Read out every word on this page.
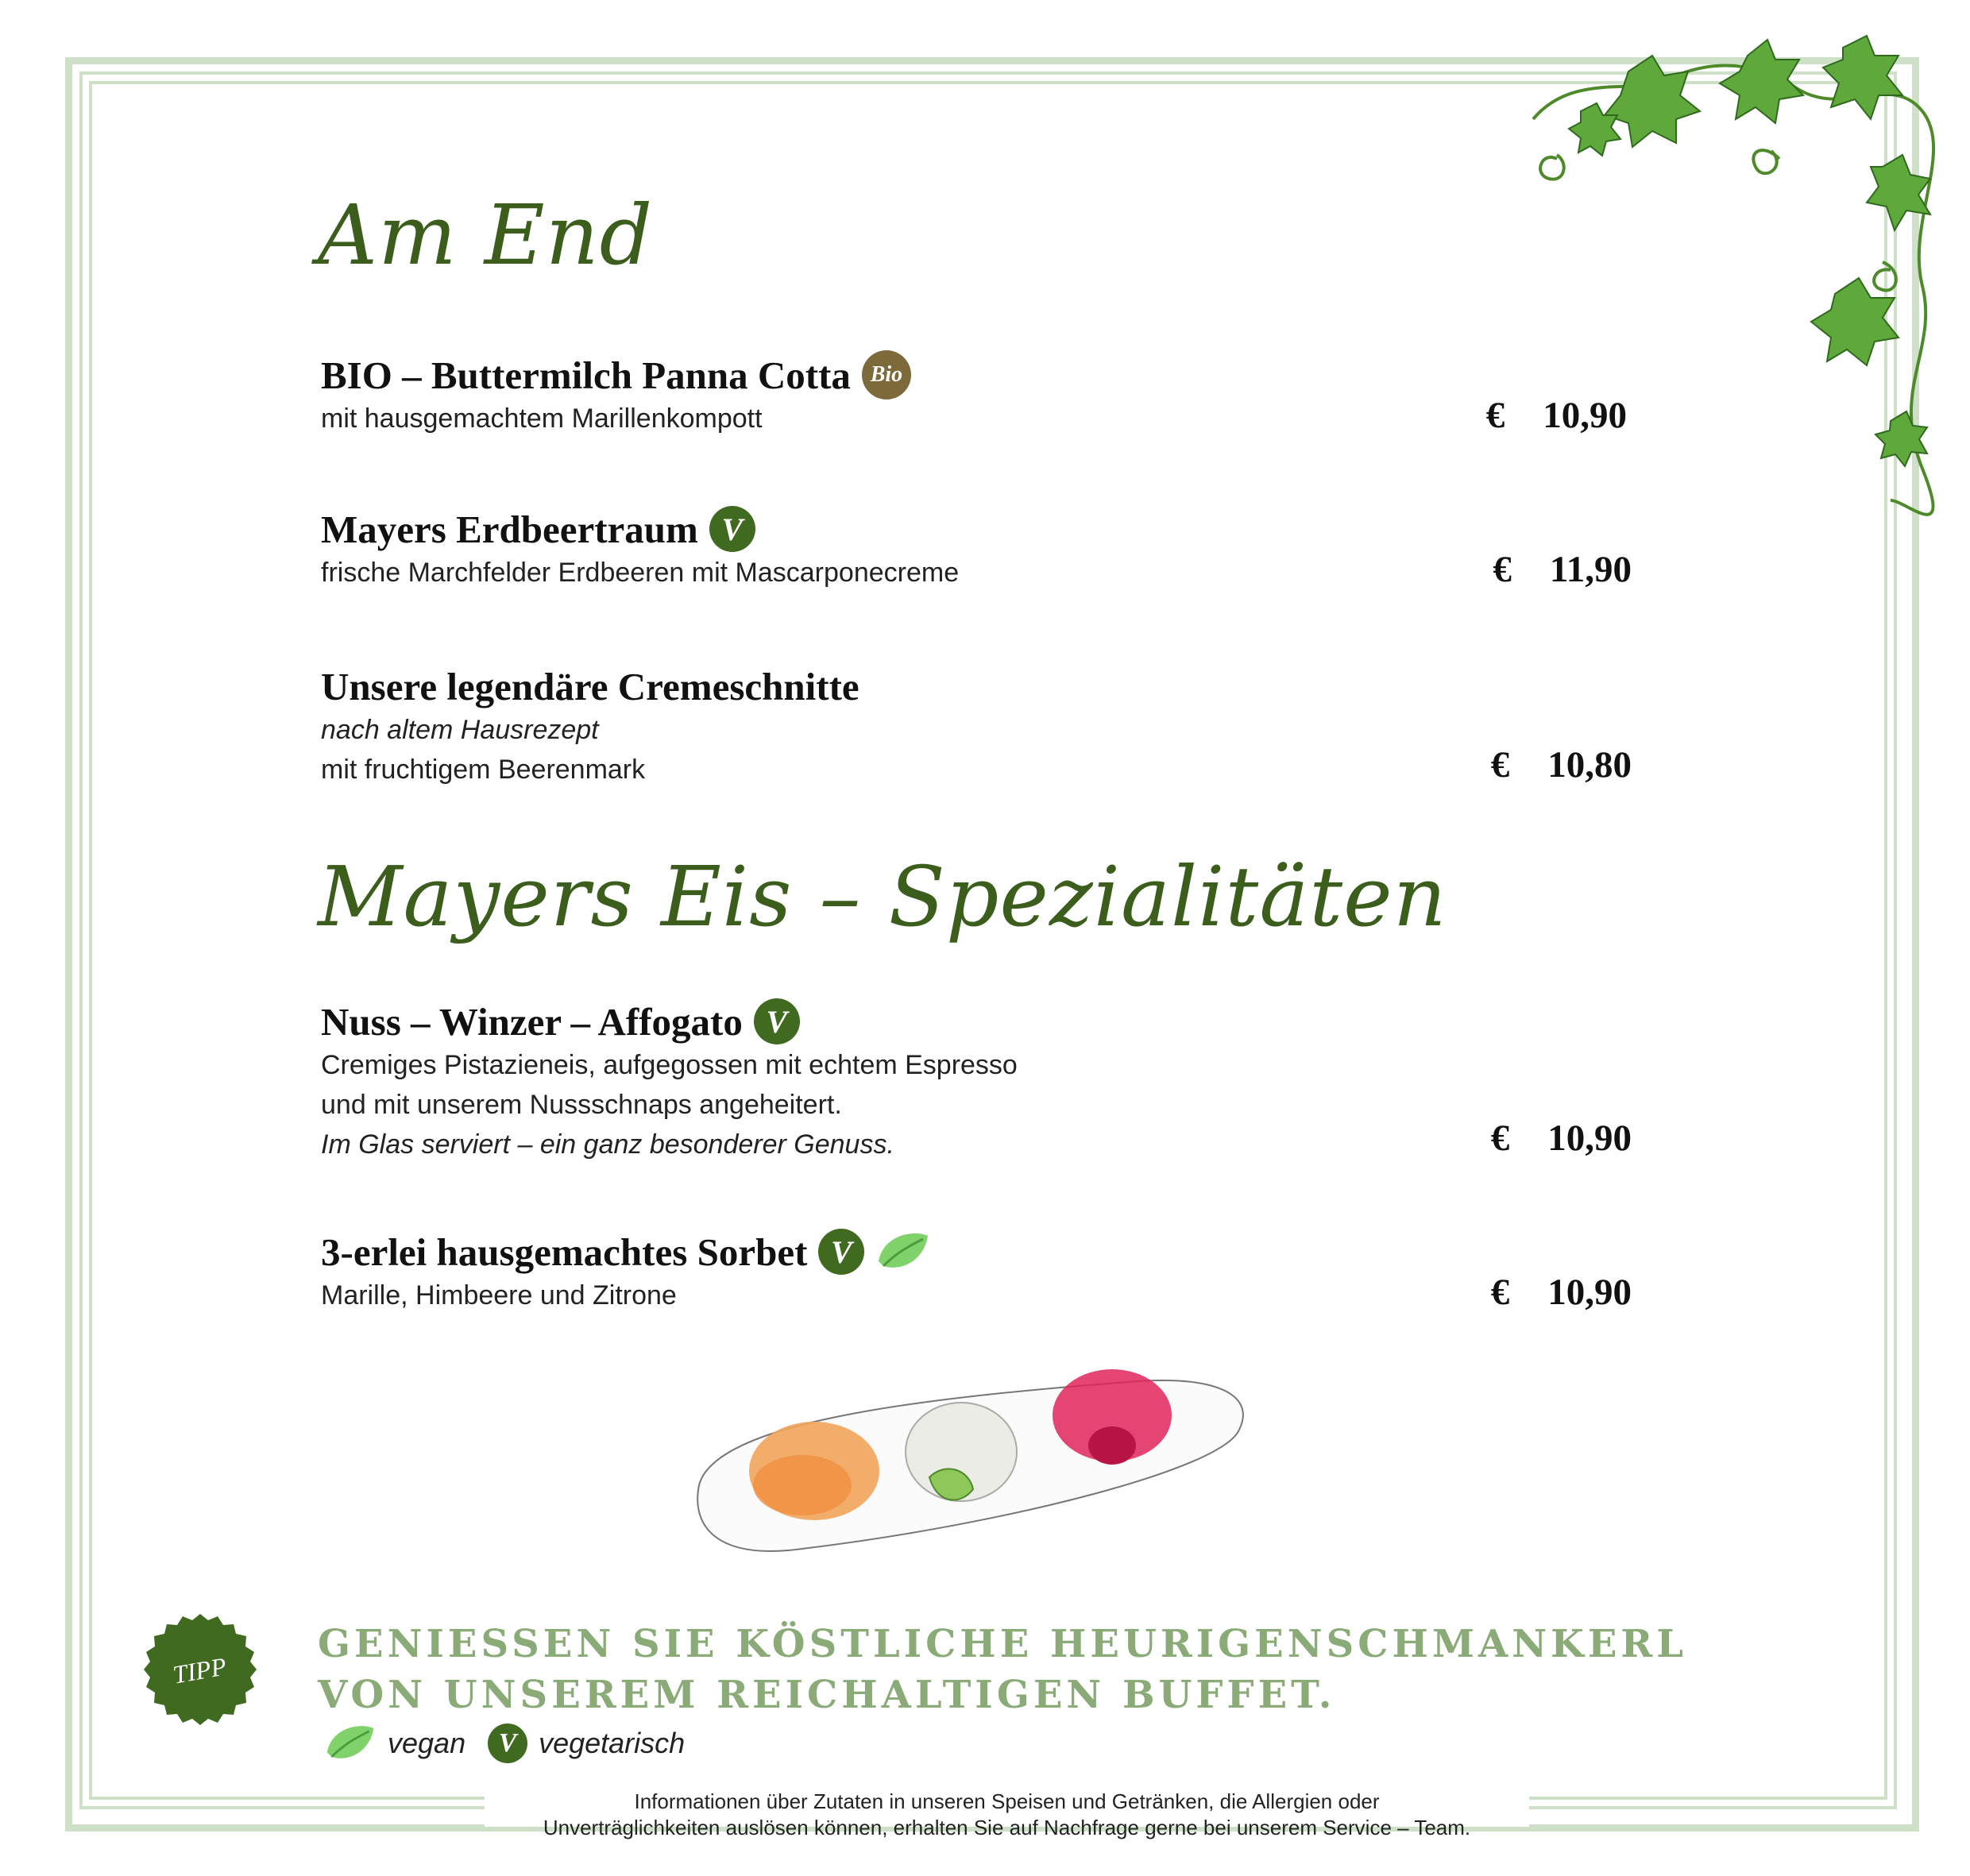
Am End
BIO – Buttermilch Panna Cotta Bio
mit hausgemachtem Marillenkompott	€ 10,90
Mayers Erdbeertraum V
frische Marchfelder Erdbeeren mit Mascarponecreme	€ 11,90
Unsere legendäre Cremeschnitte
nach altem Hausrezept
mit fruchtigem Beerenmark	€ 10,80
Mayers Eis – Spezialitäten
Nuss – Winzer – Affogato V
Cremiges Pistazieneis, aufgegossen mit echtem Espresso
und mit unserem Nussschnaps angeheitert.
Im Glas serviert – ein ganz besonderer Genuss.	€ 10,90
3-erlei hausgemachtes Sorbet V
Marille, Himbeere und Zitrone	€ 10,90
TIPP
GENIESSEN SIE KÖSTLICHE HEURIGENSCHMANKERL
VON UNSEREM REICHALTIGEN BUFFET.
vegan	V vegetarisch
Informationen über Zutaten in unseren Speisen und Getränken, die Allergien oder
Unverträglichkeiten auslösen können, erhalten Sie auf Nachfrage gerne bei unserem Service – Team.
